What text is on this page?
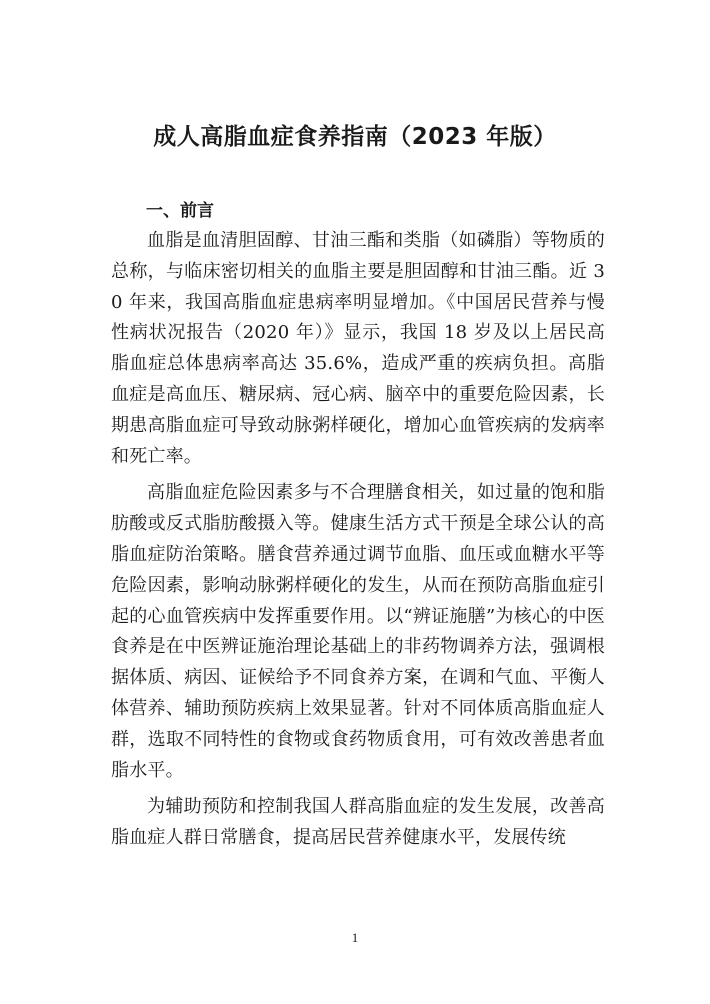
成人高脂血症食养指南（2023 年版）
一、前言

血脂是血清胆固醇、甘油三酯和类脂（如磷脂）等物质的总称，与临床密切相关的血脂主要是胆固醇和甘油三酯。近 30 年来，我国高脂血症患病率明显增加。《中国居民营养与慢性病状况报告（2020 年）》显示，我国 18 岁及以上居民高脂血症总体患病率高达 35.6%，造成严重的疾病负担。高脂血症是高血压、糖尿病、冠心病、脑卒中的重要危险因素，长期患高脂血症可导致动脉粥样硬化，增加心血管疾病的发病率和死亡率。

高脂血症危险因素多与不合理膳食相关，如过量的饱和脂肪酸或反式脂肪酸摄入等。健康生活方式干预是全球公认的高脂血症防治策略。膳食营养通过调节血脂、血压或血糖水平等危险因素，影响动脉粥样硬化的发生，从而在预防高脂血症引起的心血管疾病中发挥重要作用。以“辨证施膳”为核心的中医食养是在中医辨证施治理论基础上的非药物调养方法，强调根据体质、病因、证候给予不同食养方案，在调和气血、平衡人体营养、辅助预防疾病上效果显著。针对不同体质高脂血症人群，选取不同特性的食物或食药物质食用，可有效改善患者血脂水平。

为辅助预防和控制我国人群高脂血症的发生发展，改善高脂血症人群日常膳食，提高居民营养健康水平，发展传统

1
